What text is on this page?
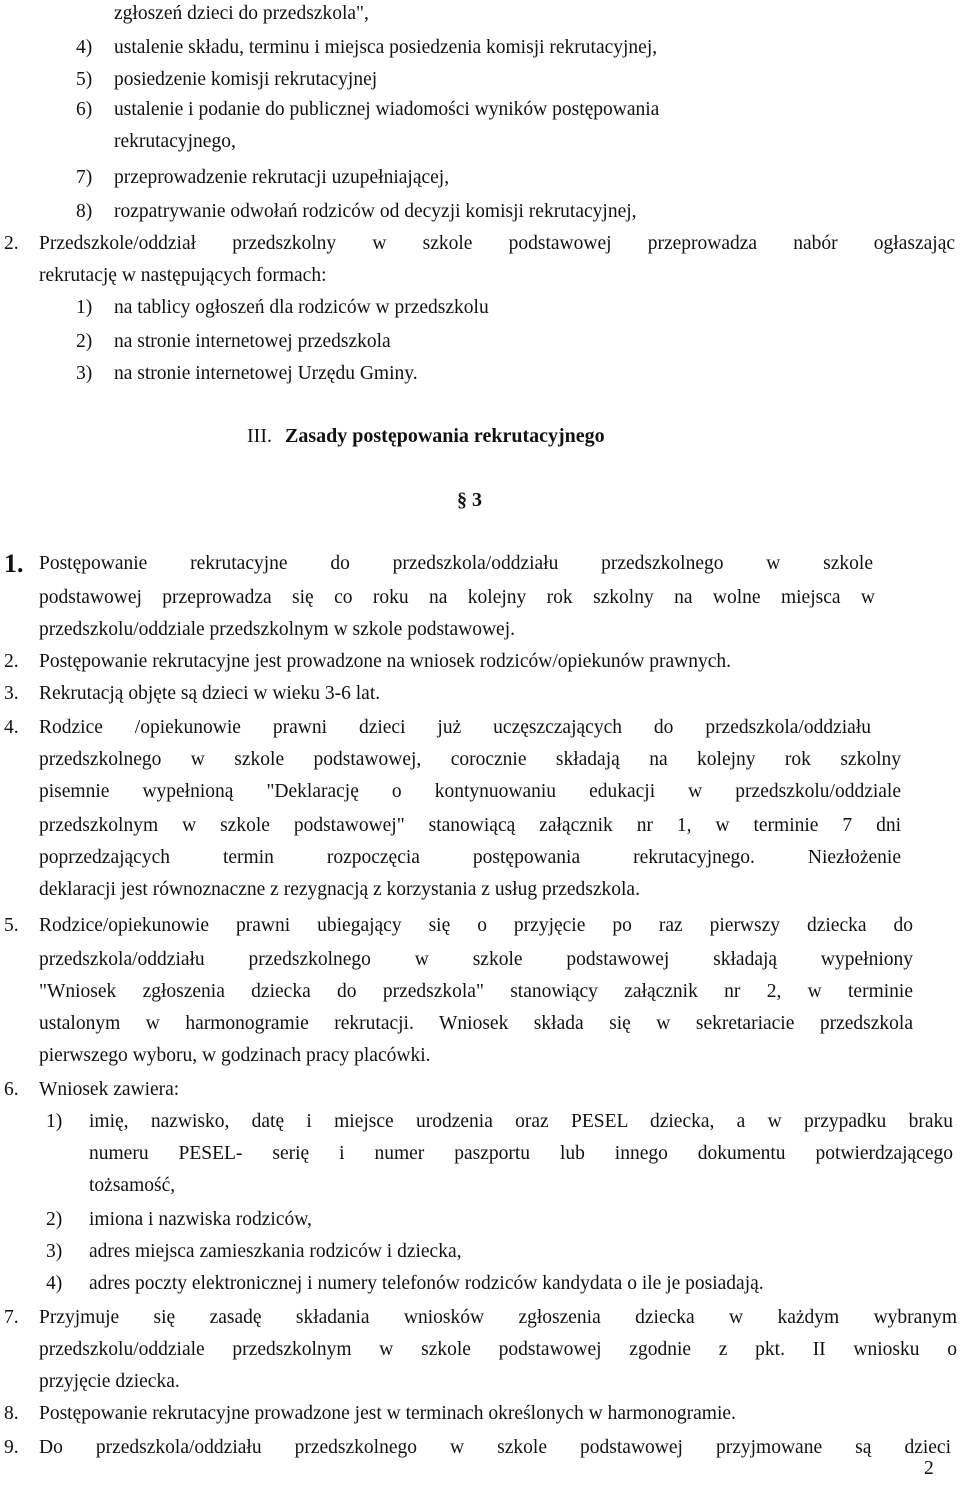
zgłoszeń dzieci do przedszkola",
4) ustalenie składu, terminu i miejsca posiedzenia komisji rekrutacyjnej,
5) posiedzenie komisji rekrutacyjnej
6) ustalenie i podanie do publicznej wiadomości wyników postępowania
rekrutacyjnego,
7) przeprowadzenie rekrutacji uzupełniającej,
8) rozpatrywanie odwołań rodziców od decyzji komisji rekrutacyjnej,
2. Przedszkole/oddział przedszkolny w szkole podstawowej przeprowadza nabór ogłaszając
rekrutację w następujących formach:
1) na tablicy ogłoszeń dla rodziców w przedszkolu
2) na stronie internetowej przedszkola
3) na stronie internetowej Urzędu Gminy.
III. Zasady postępowania rekrutacyjnego
§ 3
1. Postępowanie rekrutacyjne do przedszkola/oddziału przedszkolnego w szkole
podstawowej przeprowadza się co roku na kolejny rok szkolny na wolne miejsca w
przedszkolu/oddziale przedszkolnym w szkole podstawowej.
2. Postępowanie rekrutacyjne jest prowadzone na wniosek rodziców/opiekunów prawnych.
3. Rekrutacją objęte są dzieci w wieku 3-6 lat.
4. Rodzice /opiekunowie prawni dzieci już uczęszczających do przedszkola/oddziału
przedszkolnego w szkole podstawowej, corocznie składają na kolejny rok szkolny
pisemnie wypełnioną "Deklarację o kontynuowaniu edukacji w przedszkolu/oddziale
przedszkolnym w szkole podstawowej" stanowiącą załącznik nr 1, w terminie 7 dni
poprzedzających termin rozpoczęcia postępowania rekrutacyjnego. Niezłożenie
deklaracji jest równoznaczne z rezygnacją z korzystania z usług przedszkola.
5. Rodzice/opiekunowie prawni ubiegający się o przyjęcie po raz pierwszy dziecka do
przedszkola/oddziału przedszkolnego w szkole podstawowej składają wypełniony
"Wniosek zgłoszenia dziecka do przedszkola" stanowiący załącznik nr 2, w terminie
ustalonym w harmonogramie rekrutacji. Wniosek składa się w sekretariacie przedszkola
pierwszego wyboru, w godzinach pracy placówki.
6. Wniosek zawiera:
1) imię, nazwisko, datę i miejsce urodzenia oraz PESEL dziecka, a w przypadku braku
numeru PESEL- serię i numer paszportu lub innego dokumentu potwierdzającego
tożsamość,
2) imiona i nazwiska rodziców,
3) adres miejsca zamieszkania rodziców i dziecka,
4) adres poczty elektronicznej i numery telefonów rodziców kandydata o ile je posiadają.
7. Przyjmuje się zasadę składania wniosków zgłoszenia dziecka w każdym wybranym
przedszkolu/oddziale przedszkolnym w szkole podstawowej zgodnie z pkt. II wniosku o
przyjęcie dziecka.
8. Postępowanie rekrutacyjne prowadzone jest w terminach określonych w harmonogramie.
9. Do przedszkola/oddziału przedszkolnego w szkole podstawowej przyjmowane są dzieci
2
